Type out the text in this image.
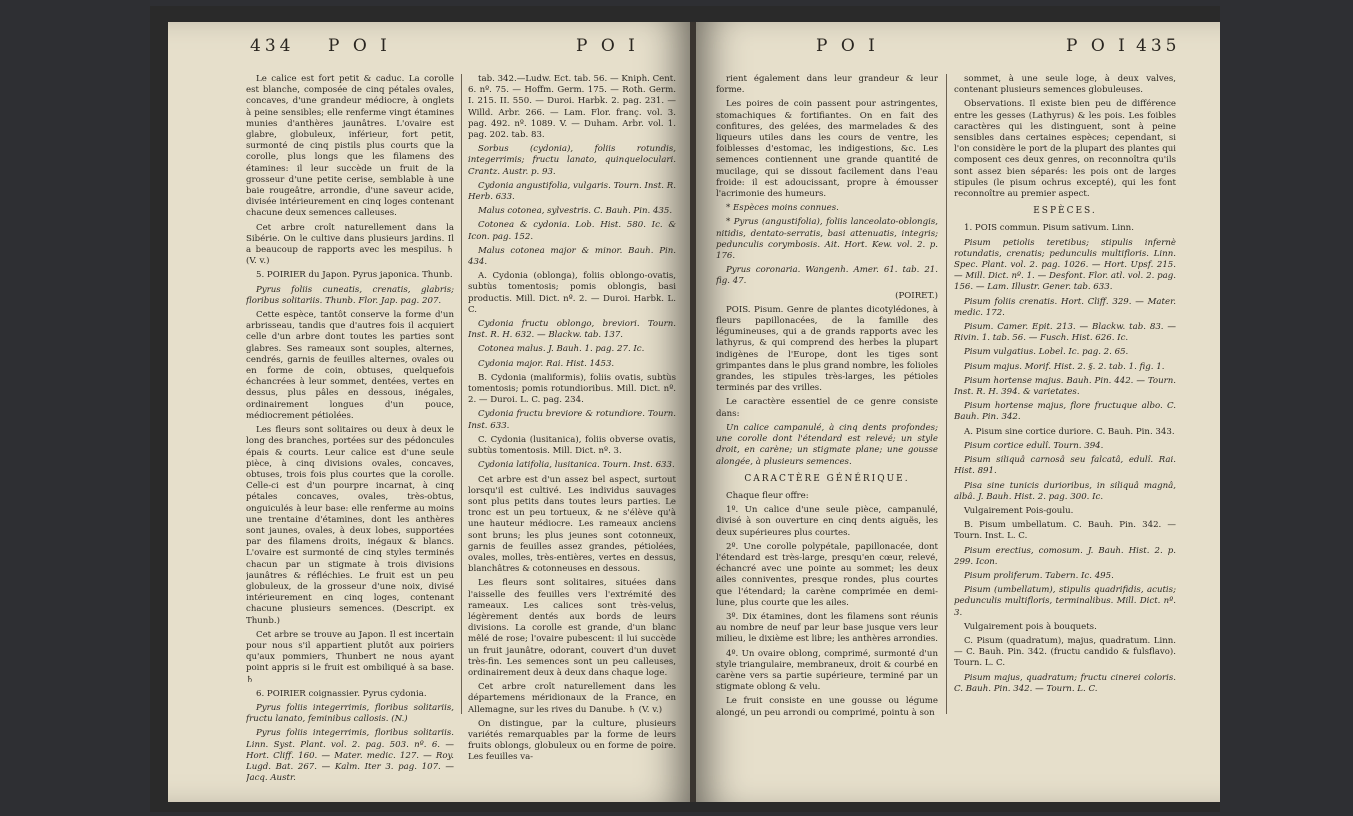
434 P O I	P O I

Le calice est fort petit & caduc. La corolle est blanche, composée de cinq pétales ovales, concaves, d'une grandeur médiocre, à onglets à peine sensibles; elle renferme vingt étamines munies d'anthères jaunâtres. L'ovaire est glabre, globuleux, inférieur, fort petit, surmonté de cinq pistils plus courts que la corolle, plus longs que les filamens des étamines: il leur succède un fruit de la grosseur d'une petite cerise, semblable à une baie rougeâtre, arrondie, d'une saveur acide, divisée intérieurement en cinq loges contenant chacune deux semences calleuses.

Cet arbre croît naturellement dans la Sibérie. On le cultive dans plusieurs jardins. Il a beaucoup de rapports avec les mespilus. ♄ (V. v.)

5. POIRIER du Japon. Pyrus japonica. Thunb.

Pyrus foliis cuneatis, crenatis, glabris; floribus solitariis. Thunb. Flor. Jap. pag. 207.

Cette espèce, tantôt conserve la forme d'un arbrisseau, tandis que d'autres fois il acquiert celle d'un arbre dont toutes les parties sont glabres. Ses rameaux sont souples, alternes, cendrés, garnis de feuilles alternes, ovales ou en forme de coin, obtuses, quelquefois échancrées à leur sommet, dentées, vertes en dessus, plus pâles en dessous, inégales, ordinairement longues d'un pouce, médiocrement pétiolées.

Les fleurs sont solitaires ou deux à deux le long des branches, portées sur des pédoncules épais & courts. Leur calice est d'une seule pièce, à cinq divisions ovales, concaves, obtuses, trois fois plus courtes que la corolle. Celle-ci est d'un pourpre incarnat, à cinq pétales concaves, ovales, très-obtus, onguiculés à leur base: elle renferme au moins une trentaine d'étamines, dont les anthères sont jaunes, ovales, à deux lobes, supportées par des filamens droits, inégaux & blancs. L'ovaire est surmonté de cinq styles terminés chacun par un stigmate à trois divisions jaunâtres & réfléchies. Le fruit est un peu globuleux, de la grosseur d'une noix, divisé intérieurement en cinq loges, contenant chacune plusieurs semences. (Descript. ex Thunb.)

Cet arbre se trouve au Japon. Il est incertain pour nous s'il appartient plutôt aux poiriers qu'aux pommiers, Thunbert ne nous ayant point appris si le fruit est ombiliqué à sa base. ♄

6. POIRIER coignassier. Pyrus cydonia.

Pyrus foliis integerrimis, floribus solitariis, fructu lanato, feminibus callosis. (N.)

Pyrus foliis integerrimis, floribus solitariis. Linn. Syst. Plant. vol. 2. pag. 503. nº. 6. — Hort. Cliff. 160. — Mater. medic. 127. — Roy. Lugd. Bat. 267. — Kalm. Iter 3. pag. 107. — Jacq. Austr.

tab. 342.—Ludw. Ect. tab. 56. — Kniph. Cent. 6. nº. 75. — Hoffm. Germ. 175. — Roth. Germ. I. 215. II. 550. — Duroi. Harbk. 2. pag. 231. — Willd. Arbr. 266. — Lam. Flor. franç. vol. 3. pag. 492. nº. 1089. V. — Duham. Arbr. vol. 1. pag. 202. tab. 83.

Sorbus (cydonia), foliis rotundis, integerrimis; fructu lanato, quinqueloculari. Crantz. Austr. p. 93.

Cydonia angustifolia, vulgaris. Tourn. Inst. R. Herb. 633.

Malus cotonea, sylvestris. C. Bauh. Pin. 435.

Cotonea & cydonia. Lob. Hist. 580. Ic. & Icon. pag. 152.

Malus cotonea major & minor. Bauh. Pin. 434.

A. Cydonia (oblonga), foliis oblongo-ovatis, subtùs tomentosis; pomis oblongis, basi productis. Mill. Dict. nº. 2. — Duroi. Harbk. L. C.

Cydonia fructu oblongo, breviori. Tourn. Inst. R. H. 632. — Blackw. tab. 137.

Cotonea malus. J. Bauh. 1. pag. 27. Ic.

Cydonia major. Rai. Hist. 1453.

B. Cydonia (maliformis), foliis ovatis, subtùs tomentosis; pomis rotundioribus. Mill. Dict. nº. 2. — Duroi. L. C. pag. 234.

Cydonia fructu breviore & rotundiore. Tourn. Inst. 633.

C. Cydonia (lusitanica), foliis obverse ovatis, subtùs tomentosis. Mill. Dict. nº. 3.

Cydonia latifolia, lusitanica. Tourn. Inst. 633.

Cet arbre est d'un assez bel aspect, surtout lorsqu'il est cultivé. Les individus sauvages sont plus petits dans toutes leurs parties. Le tronc est un peu tortueux, & ne s'élève qu'à une hauteur médiocre. Les rameaux anciens sont bruns; les plus jeunes sont cotonneux, garnis de feuilles assez grandes, pétiolées, ovales, molles, très-entières, vertes en dessus, blanchâtres & cotonneuses en dessous.

Les fleurs sont solitaires, situées dans l'aisselle des feuilles vers l'extrémité des rameaux. Les calices sont très-velus, légèrement dentés aux bords de leurs divisions. La corolle est grande, d'un blanc mêlé de rose; l'ovaire pubescent: il lui succède un fruit jaunâtre, odorant, couvert d'un duvet très-fin. Les semences sont un peu calleuses, ordinairement deux à deux dans chaque loge.

Cet arbre croît naturellement dans les départemens méridionaux de la France, en Allemagne, sur les rives du Danube. ♄ (V. v.)

On distingue, par la culture, plusieurs variétés remarquables par la forme de leurs fruits oblongs, globuleux ou en forme de poire. Les feuilles va-

P O I	P O I 435

rient également dans leur grandeur & leur forme.

Les poires de coin passent pour astringentes, stomachiques & fortifiantes. On en fait des confitures, des gelées, des marmelades & des liqueurs utiles dans les cours de ventre, les foiblesses d'estomac, les indigestions, &c. Les semences contiennent une grande quantité de mucilage, qui se dissout facilement dans l'eau froide: il est adoucissant, propre à émousser l'acrimonie des humeurs.

* Espèces moins connues.

* Pyrus (angustifolia), foliis lanceolato-oblongis, nitidis, dentato-serratis, basi attenuatis, integris; pedunculis corymbosis. Ait. Hort. Kew. vol. 2. p. 176.

Pyrus coronaria. Wangenh. Amer. 61. tab. 21. fig. 47.

(POIRET.)

POIS. Pisum. Genre de plantes dicotylédones, à fleurs papillonacées, de la famille des légumineuses, qui a de grands rapports avec les lathyrus, & qui comprend des herbes la plupart indigènes de l'Europe, dont les tiges sont grimpantes dans le plus grand nombre, les folioles grandes, les stipules très-larges, les pétioles terminés par des vrilles.

Le caractère essentiel de ce genre consiste dans:

Un calice campanulé, à cinq dents profondes; une corolle dont l'étendard est relevé; un style droit, en carène; un stigmate plane; une gousse alongée, à plusieurs semences.

CARACTÈRE GÉNÉRIQUE.

Chaque fleur offre:

1º. Un calice d'une seule pièce, campanulé, divisé à son ouverture en cinq dents aiguës, les deux supérieures plus courtes.

2º. Une corolle polypétale, papillonacée, dont l'étendard est très-large, presqu'en cœur, relevé, échancré avec une pointe au sommet; les deux ailes conniventes, presque rondes, plus courtes que l'étendard; la carène comprimée en demi-lune, plus courte que les ailes.

3º. Dix étamines, dont les filamens sont réunis au nombre de neuf par leur base jusque vers leur milieu, le dixième est libre; les anthères arrondies.

4º. Un ovaire oblong, comprimé, surmonté d'un style triangulaire, membraneux, droit & courbé en carène vers sa partie supérieure, terminé par un stigmate oblong & velu.

Le fruit consiste en une gousse ou légume alongé, un peu arrondi ou comprimé, pointu à son

sommet, à une seule loge, à deux valves, contenant plusieurs semences globuleuses.

Observations. Il existe bien peu de différence entre les gesses (Lathyrus) & les pois. Les foibles caractères qui les distinguent, sont à peine sensibles dans certaines espèces; cependant, si l'on considère le port de la plupart des plantes qui composent ces deux genres, on reconnoîtra qu'ils sont assez bien séparés: les pois ont de larges stipules (le pisum ochrus excepté), qui les font reconnoître au premier aspect.

ESPÈCES.

1. POIS commun. Pisum sativum. Linn.

Pisum petiolis teretibus; stipulis infernè rotundatis, crenatis; pedunculis multifloris. Linn. Spec. Plant. vol. 2. pag. 1026. — Hort. Upsf. 215. — Mill. Dict. nº. 1. — Desfont. Flor. atl. vol. 2. pag. 156. — Lam. Illustr. Gener. tab. 633.

Pisum foliis crenatis. Hort. Cliff. 329. — Mater. medic. 172.

Pisum. Camer. Epit. 213. — Blackw. tab. 83. — Rivin. 1. tab. 56. — Fusch. Hist. 626. Ic.

Pisum vulgatius. Lobel. Ic. pag. 2. 65.

Pisum majus. Morif. Hist. 2. §. 2. tab. 1. fig. 1.

Pisum hortense majus. Bauh. Pin. 442. — Tourn. Inst. R. H. 394. & varietates.

Pisum hortense majus, flore fructuque albo. C. Bauh. Pin. 342.

A. Pisum sine cortice duriore. C. Bauh. Pin. 343.

Pisum cortice edulî. Tourn. 394.

Pisum siliquâ carnosâ seu falcatâ, edulî. Rai. Hist. 891.

Pisa sine tunicis durioribus, in siliquâ magnâ, albâ. J. Bauh. Hist. 2. pag. 300. Ic.

Vulgairement Pois-goulu.

B. Pisum umbellatum. C. Bauh. Pin. 342. — Tourn. Inst. L. C.

Pisum erectius, comosum. J. Bauh. Hist. 2. p. 299. Icon.

Pisum proliferum. Tabern. Ic. 495.

Pisum (umbellatum), stipulis quadrifidis, acutis; pedunculis multifloris, terminalibus. Mill. Dict. nº. 3.

Vulgairement pois à bouquets.

C. Pisum (quadratum), majus, quadratum. Linn. — C. Bauh. Pin. 342. (fructu candido & fulsflavo). Tourn. L. C.

Pisum majus, quadratum; fructu cinerei coloris. C. Bauh. Pin. 342. — Tourn. L. C.
